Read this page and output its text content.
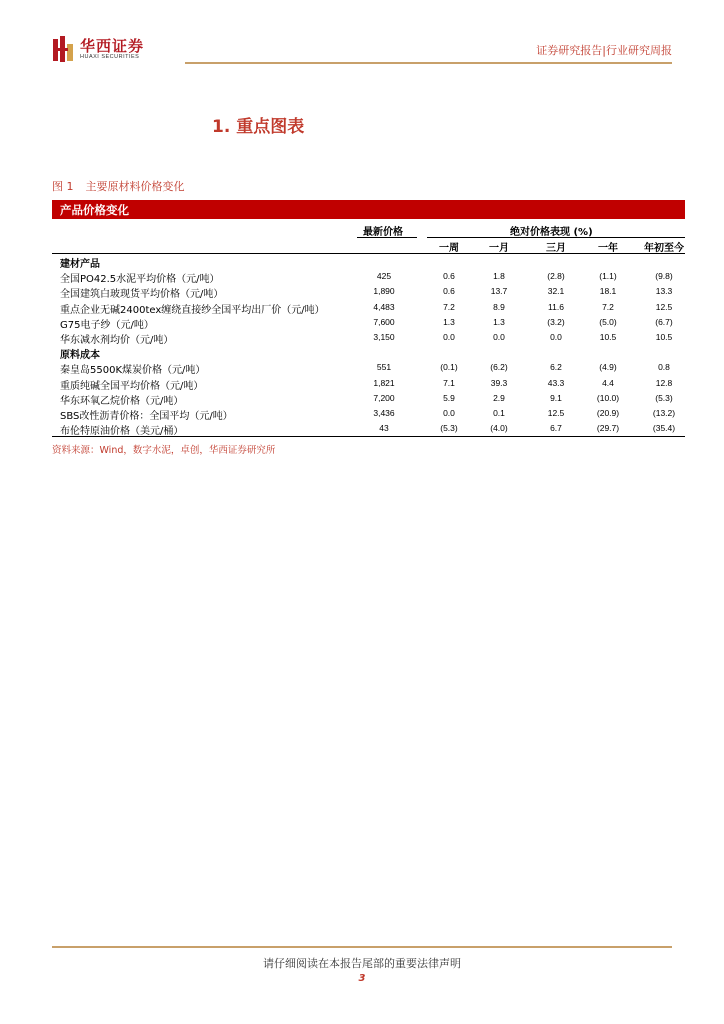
华西证券
HUAXI SECURITIES	证券研究报告|行业研究周报
1. 重点图表
图 1 主要原材料价格变化
产品价格变化
最新价格	绝对价格表现 (%)
一周	一月	三月	一年	年初至今
建材产品
全国PO42.5水泥平均价格（元/吨）	425	0.6	1.8	(2.8)	(1.1)	(9.8)
全国建筑白玻现货平均价格（元/吨）	1,890	0.6	13.7	32.1	18.1	13.3
重点企业无碱2400tex缠绕直接纱全国平均出厂价（元/吨）	4,483	7.2	8.9	11.6	7.2	12.5
G75电子纱（元/吨）	7,600	1.3	1.3	(3.2)	(5.0)	(6.7)
华东减水剂均价（元/吨）	3,150	0.0	0.0	0.0	10.5	10.5
原料成本
秦皇岛5500K煤炭价格（元/吨）	551	(0.1)	(6.2)	6.2	(4.9)	0.8
重质纯碱全国平均价格（元/吨）	1,821	7.1	39.3	43.3	4.4	12.8
华东环氧乙烷价格（元/吨）	7,200	5.9	2.9	9.1	(10.0)	(5.3)
SBS改性沥青价格：全国平均（元/吨）	3,436	0.0	0.1	12.5	(20.9)	(13.2)
布伦特原油价格（美元/桶）	43	(5.3)	(4.0)	6.7	(29.7)	(35.4)
资料来源：Wind，数字水泥，卓创，华西证券研究所
请仔细阅读在本报告尾部的重要法律声明
3
